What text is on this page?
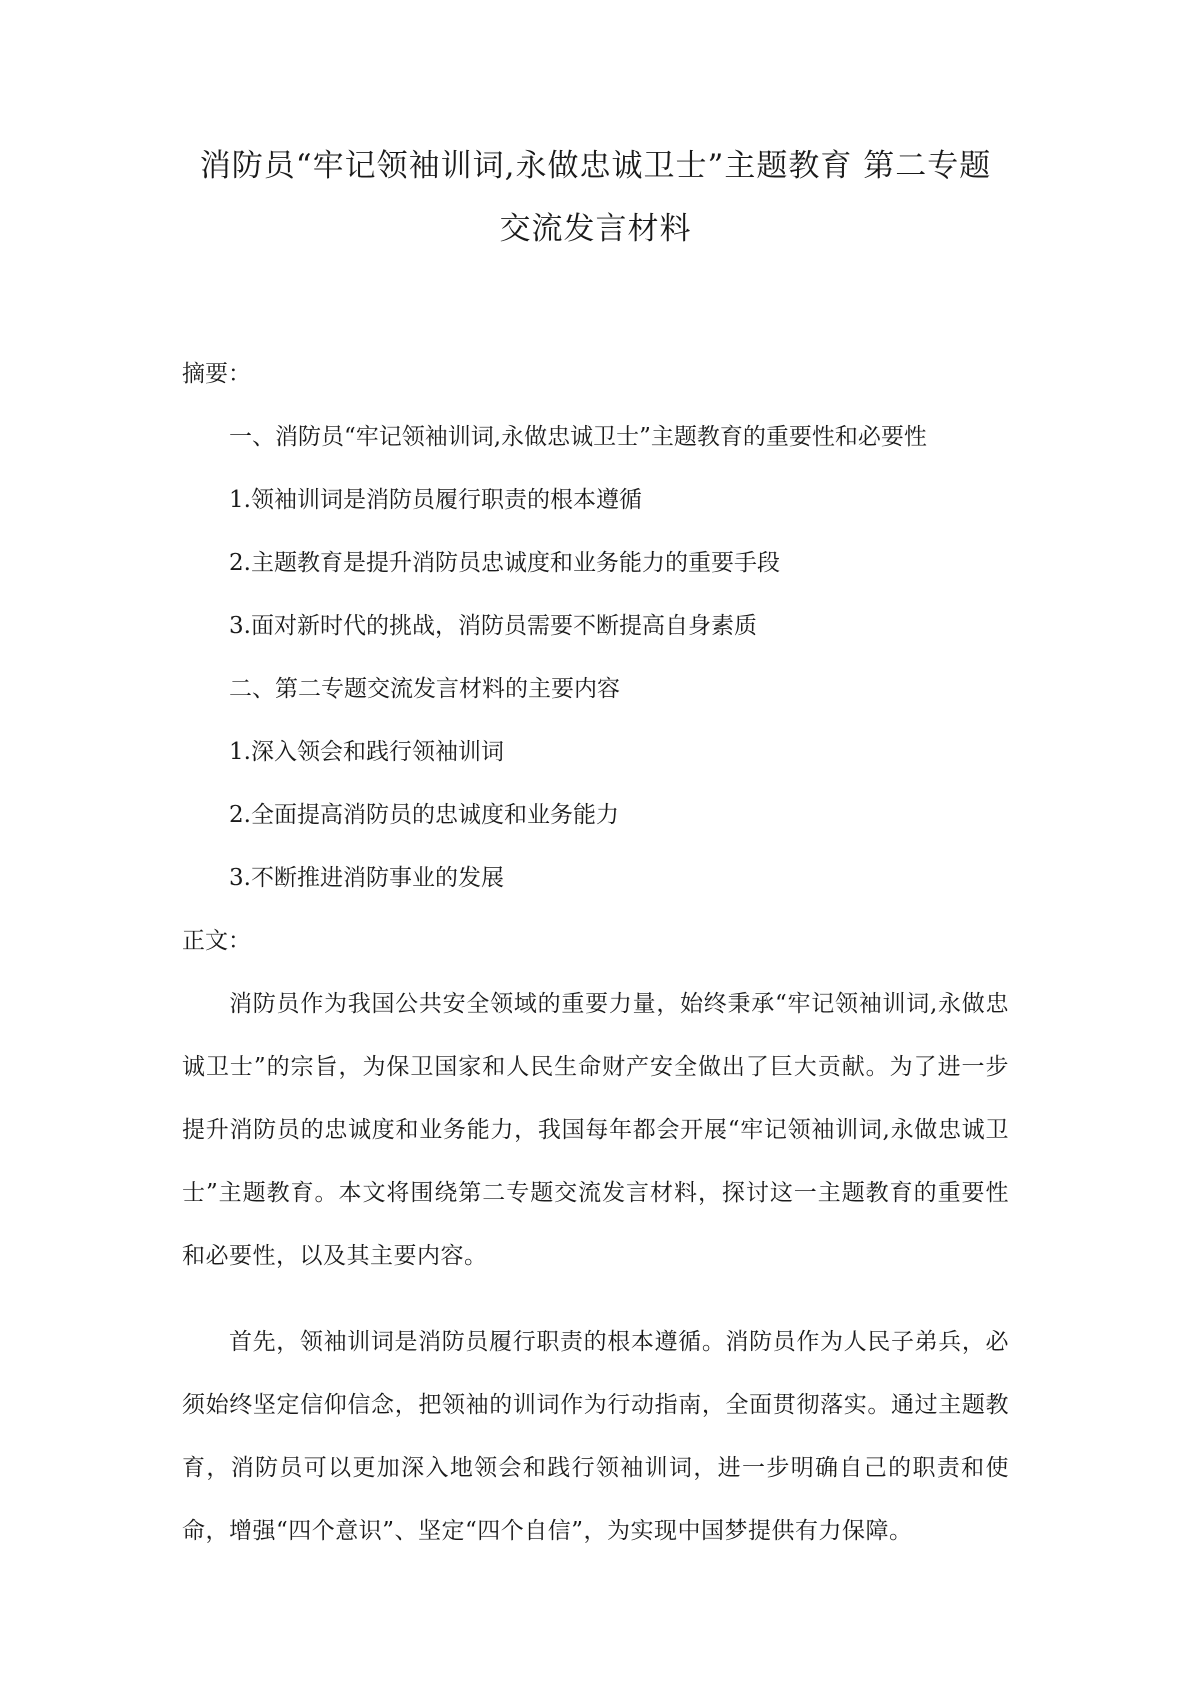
消防员“牢记领袖训词,永做忠诚卫士”主题教育 第二专题
交流发言材料
摘要：
一、消防员“牢记领袖训词,永做忠诚卫士”主题教育的重要性和必要性
1.领袖训词是消防员履行职责的根本遵循
2.主题教育是提升消防员忠诚度和业务能力的重要手段
3.面对新时代的挑战，消防员需要不断提高自身素质
二、第二专题交流发言材料的主要内容
1.深入领会和践行领袖训词
2.全面提高消防员的忠诚度和业务能力
3.不断推进消防事业的发展
正文：

消防员作为我国公共安全领域的重要力量，始终秉承“牢记领袖训词,永做忠诚卫士”的宗旨，为保卫国家和人民生命财产安全做出了巨大贡献。为了进一步提升消防员的忠诚度和业务能力，我国每年都会开展“牢记领袖训词,永做忠诚卫士”主题教育。本文将围绕第二专题交流发言材料，探讨这一主题教育的重要性和必要性，以及其主要内容。

首先，领袖训词是消防员履行职责的根本遵循。消防员作为人民子弟兵，必须始终坚定信仰信念，把领袖的训词作为行动指南，全面贯彻落实。通过主题教育，消防员可以更加深入地领会和践行领袖训词，进一步明确自己的职责和使命，增强“四个意识”、坚定“四个自信”，为实现中国梦提供有力保障。
